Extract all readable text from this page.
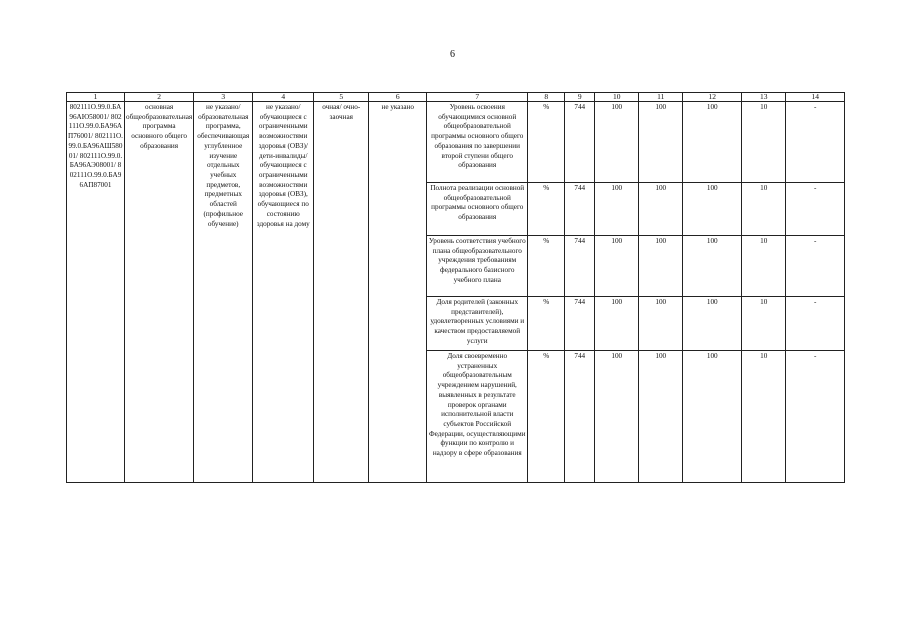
6
1	2	3	4	5	6	7	8	9	10	11	12	13	14
802111О.99.0.БА96АЮ58001/ 802111О.99.0.БА96АП76001/ 802111О.99.0.БА96АШ58001/ 802111О.99.0.БА96АЭ08001/ 802111О.99.0.БА96АП87001	основная общеобразовательная программа основного общего образования	не указано/ образовательная программа, обеспечивающая углубленное изучение отдельных учебных предметов, предметных областей (профильное обучение)	не указано/ обучающиеся с ограниченными возможностями здоровья (ОВЗ)/ дети-инвалиды/ обучающиеся с ограниченными возможностями здоровья (ОВЗ), обучающиеся по состоянию здоровья на дому	очная/ очно-заочная	не указано	Уровень освоения обучающимися основной общеобразовательной программы основного общего образования по завершении второй ступени общего образования	%	744	100	100	100	10	-
						Полнота реализации основной общеобразовательной программы основного общего образования	%	744	100	100	100	10	-
						Уровень соответствия учебного плана общеобразовательного учреждения требованиям федерального базисного учебного плана	%	744	100	100	100	10	-
						Доля родителей (законных представителей), удовлетворенных условиями и качеством предоставляемой услуги	%	744	100	100	100	10	-
						Доля своевременно устраненных общеобразовательным учреждением нарушений, выявленных в результате проверок органами исполнительной власти субъектов Российской Федерации, осуществляющими функции по контролю и надзору в сфере образования	%	744	100	100	100	10	-
